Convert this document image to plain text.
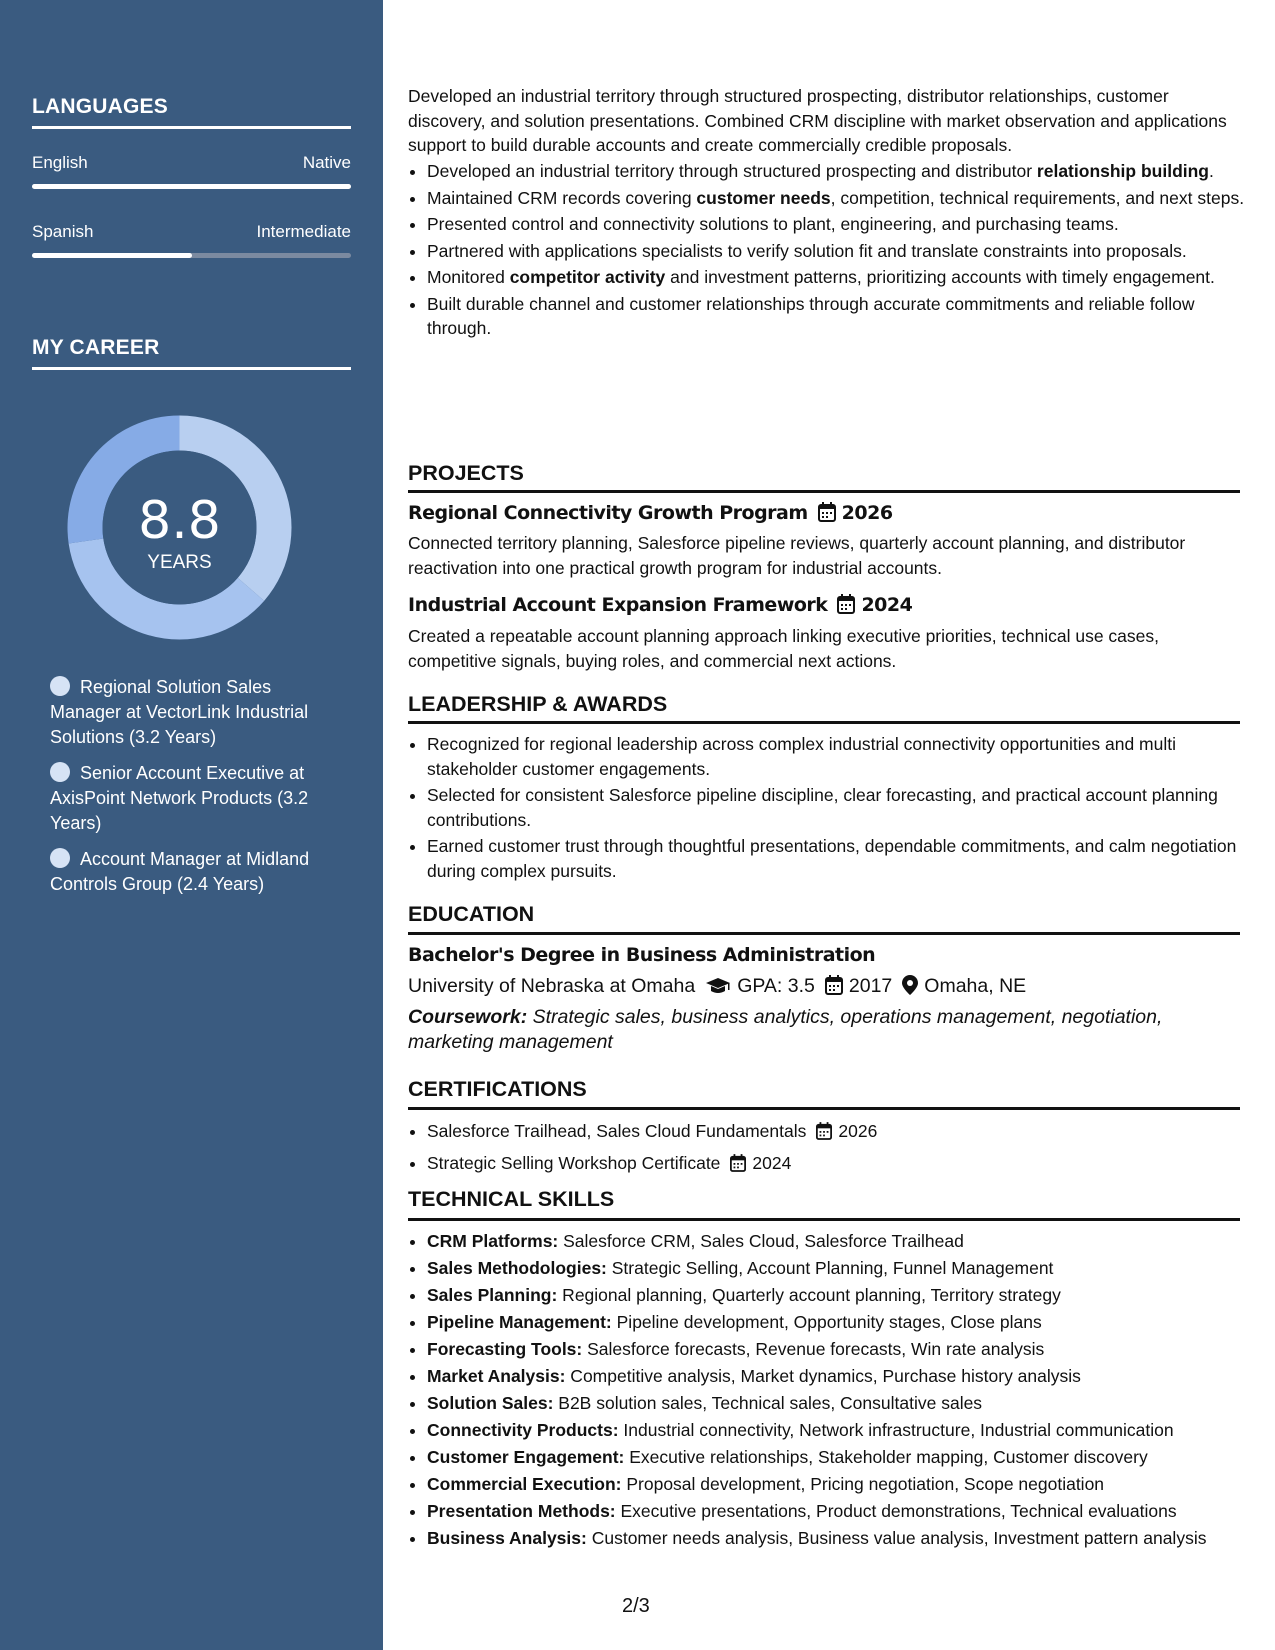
LANGUAGES
English	Native
Spanish	Intermediate
MY CAREER
8.8
YEARS
Regional Solution Sales Manager at VectorLink Industrial Solutions (3.2 Years)
Senior Account Executive at AxisPoint Network Products (3.2 Years)
Account Manager at Midland Controls Group (2.4 Years)
Developed an industrial territory through structured prospecting, distributor relationships, customer discovery, and solution presentations. Combined CRM discipline with market observation and applications support to build durable accounts and create commercially credible proposals.
• Developed an industrial territory through structured prospecting and distributor relationship building.
• Maintained CRM records covering customer needs, competition, technical requirements, and next steps.
• Presented control and connectivity solutions to plant, engineering, and purchasing teams.
• Partnered with applications specialists to verify solution fit and translate constraints into proposals.
• Monitored competitor activity and investment patterns, prioritizing accounts with timely engagement.
• Built durable channel and customer relationships through accurate commitments and reliable follow through.
PROJECTS
Regional Connectivity Growth Program 2026
Connected territory planning, Salesforce pipeline reviews, quarterly account planning, and distributor reactivation into one practical growth program for industrial accounts.
Industrial Account Expansion Framework 2024
Created a repeatable account planning approach linking executive priorities, technical use cases, competitive signals, buying roles, and commercial next actions.
LEADERSHIP & AWARDS
• Recognized for regional leadership across complex industrial connectivity opportunities and multi stakeholder customer engagements.
• Selected for consistent Salesforce pipeline discipline, clear forecasting, and practical account planning contributions.
• Earned customer trust through thoughtful presentations, dependable commitments, and calm negotiation during complex pursuits.
EDUCATION
Bachelor's Degree in Business Administration
University of Nebraska at Omaha GPA: 3.5 2017 Omaha, NE
Coursework: Strategic sales, business analytics, operations management, negotiation, marketing management
CERTIFICATIONS
• Salesforce Trailhead, Sales Cloud Fundamentals 2026
• Strategic Selling Workshop Certificate 2024
TECHNICAL SKILLS
• CRM Platforms: Salesforce CRM, Sales Cloud, Salesforce Trailhead
• Sales Methodologies: Strategic Selling, Account Planning, Funnel Management
• Sales Planning: Regional planning, Quarterly account planning, Territory strategy
• Pipeline Management: Pipeline development, Opportunity stages, Close plans
• Forecasting Tools: Salesforce forecasts, Revenue forecasts, Win rate analysis
• Market Analysis: Competitive analysis, Market dynamics, Purchase history analysis
• Solution Sales: B2B solution sales, Technical sales, Consultative sales
• Connectivity Products: Industrial connectivity, Network infrastructure, Industrial communication
• Customer Engagement: Executive relationships, Stakeholder mapping, Customer discovery
• Commercial Execution: Proposal development, Pricing negotiation, Scope negotiation
• Presentation Methods: Executive presentations, Product demonstrations, Technical evaluations
• Business Analysis: Customer needs analysis, Business value analysis, Investment pattern analysis
2/3
